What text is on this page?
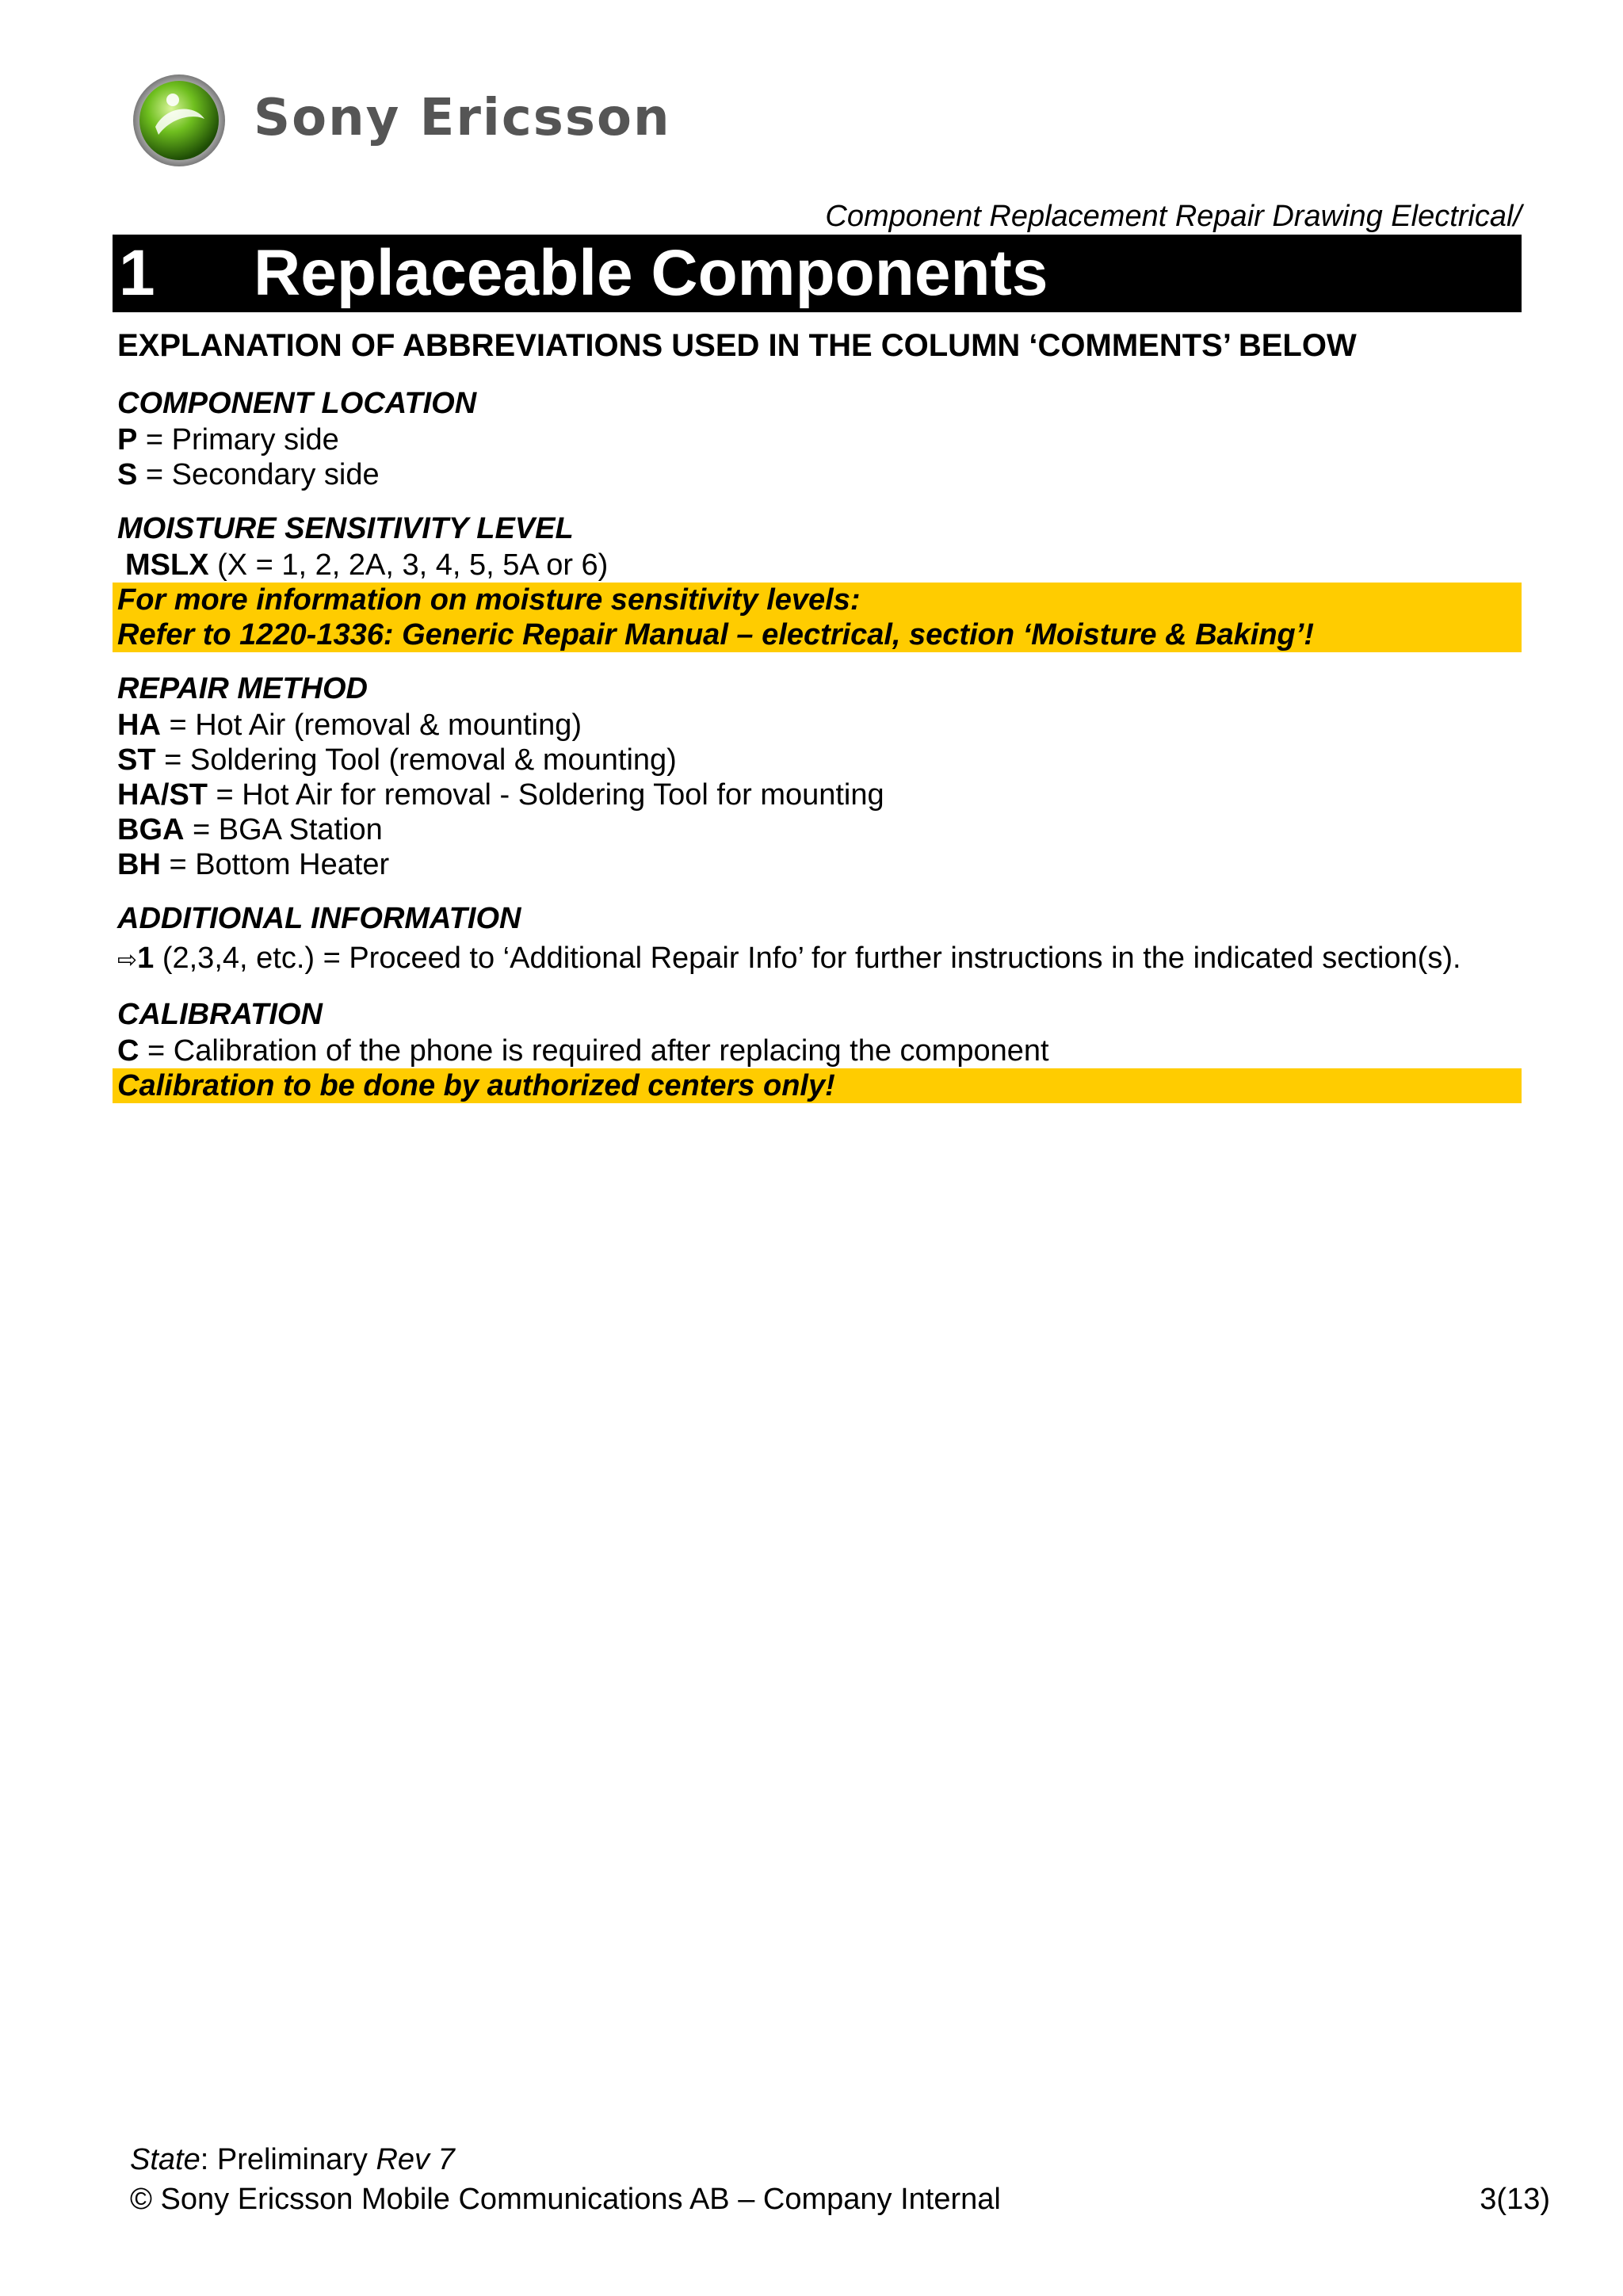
Sony Ericsson
Component Replacement Repair Drawing Electrical/
1	Replaceable Components

EXPLANATION OF ABBREVIATIONS USED IN THE COLUMN ‘COMMENTS’ BELOW

COMPONENT LOCATION

P = Primary side

S = Secondary side

MOISTURE SENSITIVITY LEVEL

MSLX (X = 1, 2, 2A, 3, 4, 5, 5A or 6)

For more information on moisture sensitivity levels:
Refer to 1220-1336: Generic Repair Manual – electrical, section ‘Moisture & Baking’!

REPAIR METHOD

HA = Hot Air (removal & mounting)

ST = Soldering Tool (removal & mounting)

HA/ST = Hot Air for removal - Soldering Tool for mounting

BGA = BGA Station

BH = Bottom Heater

ADDITIONAL INFORMATION

⇨1 (2,3,4, etc.) = Proceed to ‘Additional Repair Info’ for further instructions in the indicated section(s).

CALIBRATION

C = Calibration of the phone is required after replacing the component

Calibration to be done by authorized centers only!
State: Preliminary Rev 7
© Sony Ericsson Mobile Communications AB – Company Internal	3(13)
